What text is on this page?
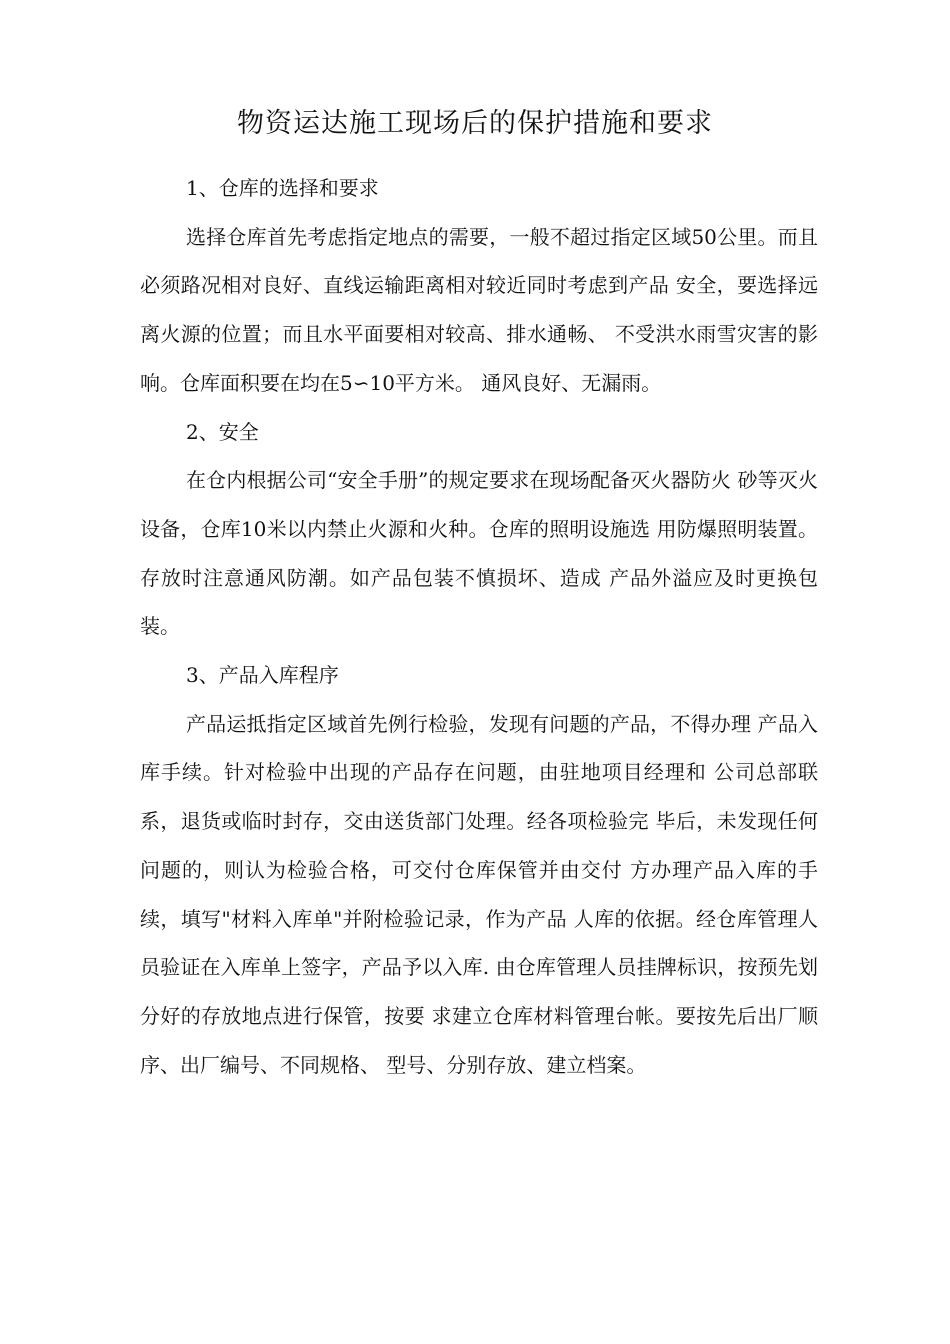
物资运达施工现场后的保护措施和要求
1、仓库的选择和要求

选择仓库首先考虑指定地点的需要，一般不超过指定区域50公里。而且必须路况相对良好、直线运输距离相对较近同时考虑到产品 安全，要选择远离火源的位置；而且水平面要相对较高、排水通畅、 不受洪水雨雪灾害的影响。仓库面积要在均在5∽10平方米。 通风良好、无漏雨。

2、安全

在仓内根据公司“安全手册”的规定要求在现场配备灭火器防火 砂等灭火设备，仓库10米以内禁止火源和火种。仓库的照明设施选 用防爆照明装置。存放时注意通风防潮。如产品包装不慎损坏、造成 产品外溢应及时更换包装。

3、产品入库程序

产品运抵指定区域首先例行检验，发现有问题的产品，不得办理 产品入库手续。针对检验中出现的产品存在问题，由驻地项目经理和 公司总部联系，退货或临时封存，交由送货部门处理。经各项检验完 毕后，未发现任何问题的，则认为检验合格，可交付仓库保管并由交付 方办理产品入库的手续，填写"材料入库单"并附检验记录，作为产品 人库的依据。经仓库管理人员验证在入库单上签字，产品予以入库. 由仓库管理人员挂牌标识，按预先划分好的存放地点进行保管，按要 求建立仓库材料管理台帐。要按先后出厂顺序、出厂编号、不同规格、 型号、分别存放、建立档案。
